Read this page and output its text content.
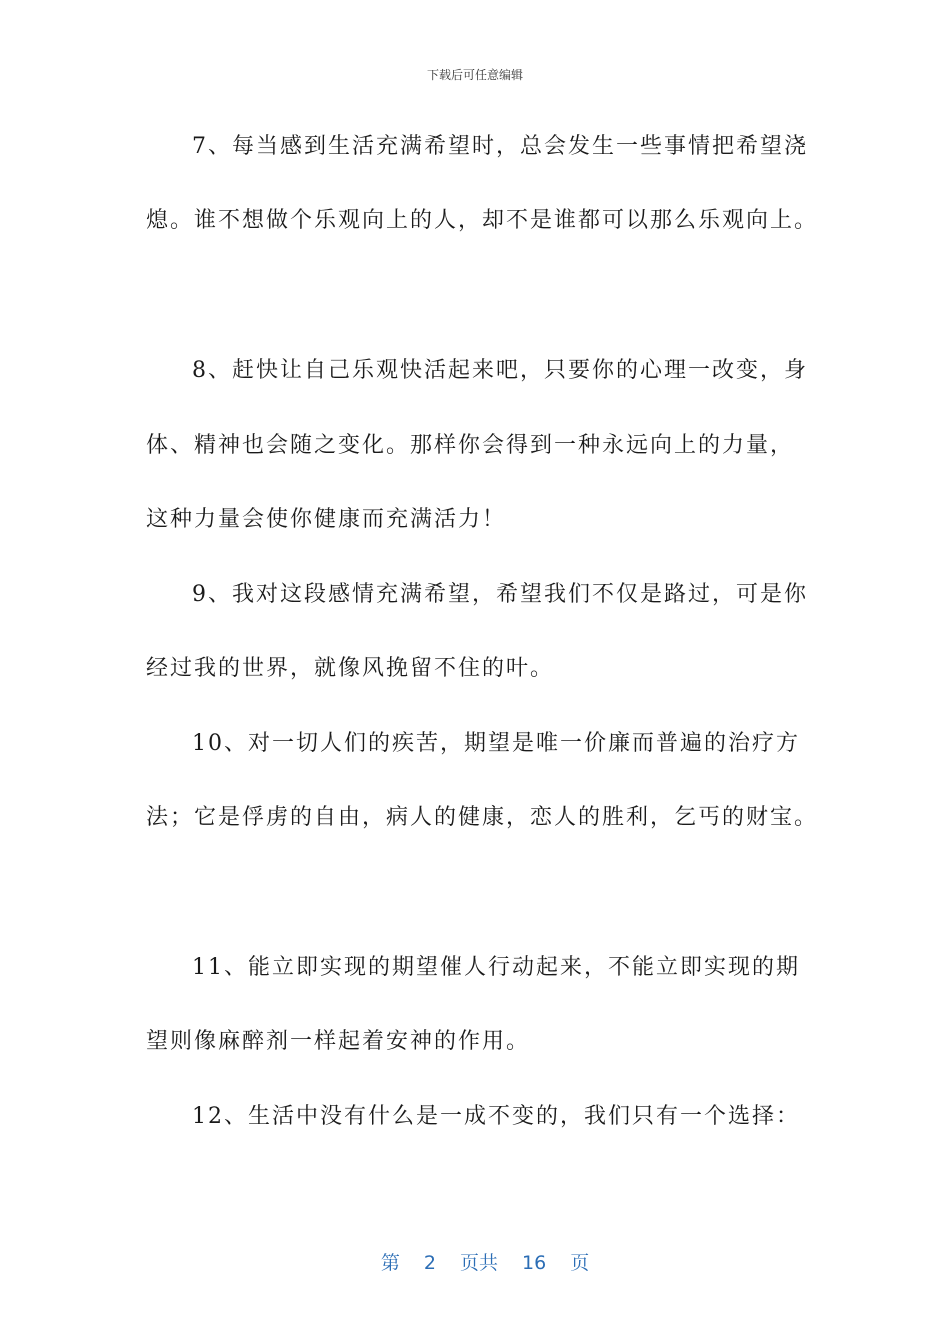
下载后可任意编辑
7、每当感到生活充满希望时，总会发生一些事情把希望浇
熄。谁不想做个乐观向上的人，却不是谁都可以那么乐观向上。
8、赶快让自己乐观快活起来吧，只要你的心理一改变，身
体、精神也会随之变化。那样你会得到一种永远向上的力量，
这种力量会使你健康而充满活力！
9、我对这段感情充满希望，希望我们不仅是路过，可是你
经过我的世界，就像风挽留不住的叶。
10、对一切人们的疾苦，期望是唯一价廉而普遍的治疗方
法；它是俘虏的自由，病人的健康，恋人的胜利，乞丐的财宝。
11、能立即实现的期望催人行动起来，不能立即实现的期
望则像麻醉剂一样起着安神的作用。
12、生活中没有什么是一成不变的，我们只有一个选择：

第 2 页共 16 页
